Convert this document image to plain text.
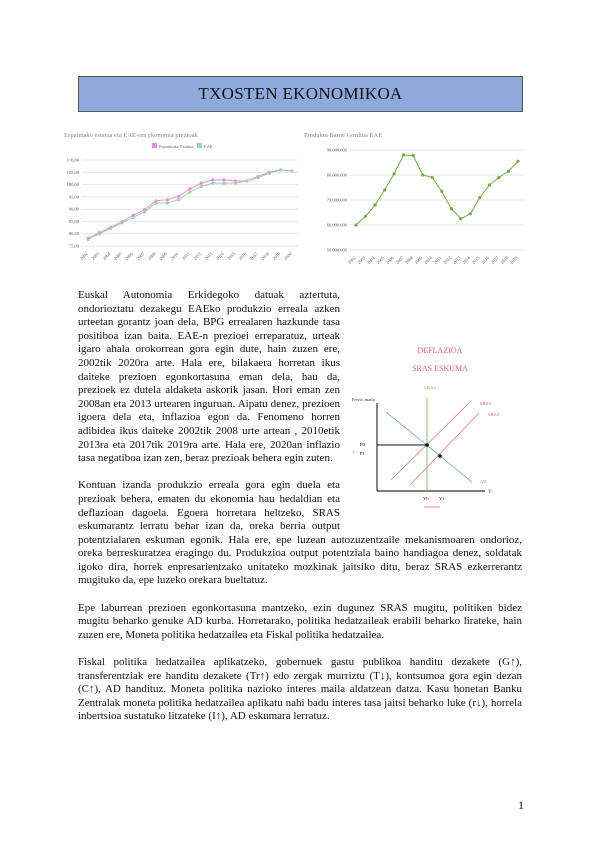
TXOSTEN EKONOMIKOA
Espainiako estatua eta EAE-ren ekonomia prezioak
Espainiako Estatua EAE
110,00
105,00
100,00
95,00
90,00
85,00
80,00
75,00
2002 2003 2004 2005 2006 2007 2008 2009 2010 2011 2012 2013 2014 2015 2016 2017 2018 2019 2020
Produktu Barne Gordina EAE
90.000.000
80.000.000
70.000.000
60.000.000
50.000.000
2002 2003 2004 2005 2006 2007 2008 2009 2010 2011 2012 2013 2014 2015 2016 2017 2018 2019

DEFLAZIOA
SRAS ESKUMA
LRAS
Prezio maila
Y
SRAS
SRAS'
AD
P0
P1
↓
Y0 Y1
Euskal Autonomia Erkidegoko datuak aztertuta, ondorioztatu dezakegu EAEko produkzio erreala azken urteetan gorantz joan dela, BPG errealaren hazkunde tasa positiboa izan baita. EAE-n prezioei erreparatuz, urteak igaro ahala orokorrean gora egin dute, hain zuzen ere, 2002tik 2020ra arte. Hala ere, bilakaera horretan ikus daiteke prezioen egonkortasuna eman dela, hau da, prezioek ez dutela aldaketa askorik jasan. Hori eman zen 2008an eta 2013 urtearen inguruan. Aipatu denez, prezioen igoera dela eta, inflazioa egon da. Fenomeno horren adibidea ikus daiteke 2002tik 2008 urte artean , 2010etik 2013ra eta 2017tik 2019ra arte. Hala ere, 2020an inflazio tasa negatiboa izan zen, beraz prezioak behera egin zuten.

Kontuan izanda produkzio erreala gora egin duela eta prezioak behera, ematen du ekonomia hau hedaldian eta deflazioan dagoela. Egoera horretara heltzeko, SRAS eskumarantz lerratu behar izan da, oreka berria output potentzialaren eskuman egonik. Hala ere, epe luzean autozuzentzaile mekanismoaren ondorioz, oreka berreskuratzea eragingo du. Produkzioa output potentziala baino handiagoa denez, soldatak igoko dira, horrek enpresarientzako unitateko mozkinak jaitsiko ditu, beraz SRAS ezkerrerantz mugituko da, epe luzeko orekara bueltatuz.

Epe laburrean prezioen egonkortasuna mantzeko, ezin dugunez SRAS mugitu, politiken bidez mugitu beharko genuke AD kurba. Horretarako, politika hedatzaileak erabili beharko lirateke, hain zuzen ere, Moneta politika hedatzailea eta Fiskal politika hedatzailea.

Fiskal politika hedatzailea aplikatzeko, gobernuek gastu publikoa handitu dezakete (G↑), transferentziak ere handitu dezakete (Tr↑) edo zergak murriztu (T↓), kontsumoa gora egin dezan (C↑), AD handituz. Moneta politika nazioko interes maila aldatzean datza. Kasu honetan Banku Zentralak moneta politika hedatzailea aplikatu nahi badu interes tasa jaitsi beharko luke (r↓), horrela inbertsioa sustatuko litzateke (I↑), AD eskumara lerratuz.

1
